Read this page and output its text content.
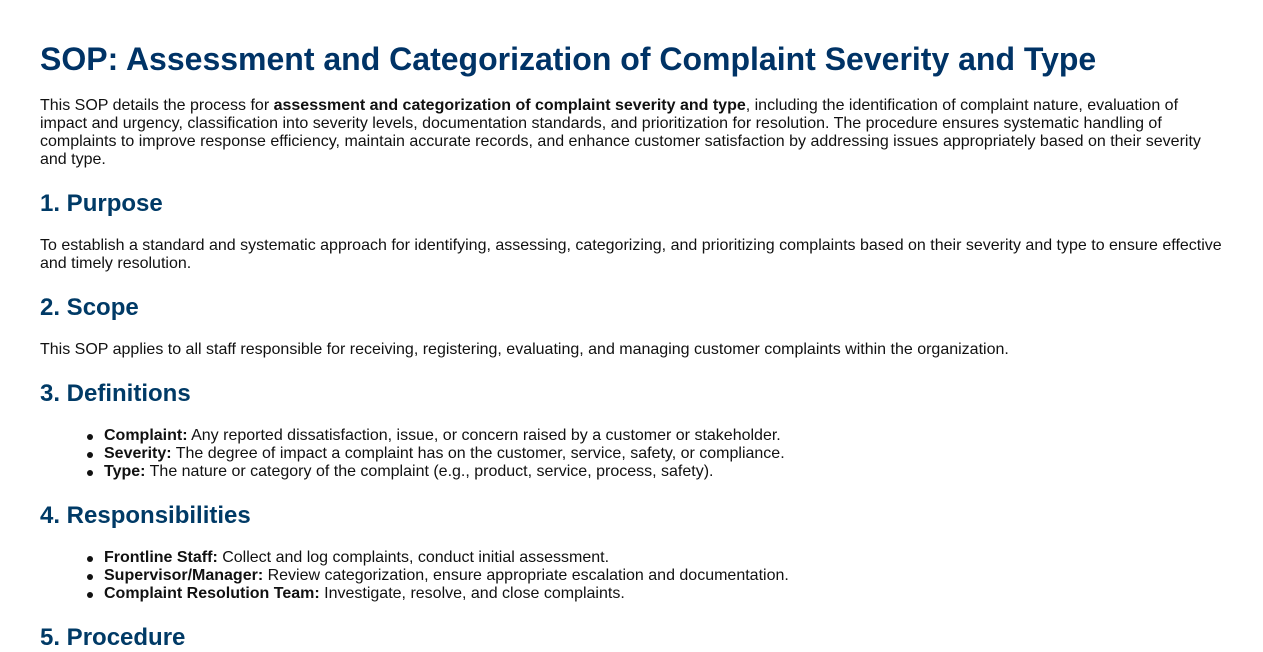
SOP: Assessment and Categorization of Complaint Severity and Type

This SOP details the process for assessment and categorization of complaint severity and type, including the identification of complaint nature, evaluation of impact and urgency, classification into severity levels, documentation standards, and prioritization for resolution. The procedure ensures systematic handling of complaints to improve response efficiency, maintain accurate records, and enhance customer satisfaction by addressing issues appropriately based on their severity and type.

1. Purpose

To establish a standard and systematic approach for identifying, assessing, categorizing, and prioritizing complaints based on their severity and type to ensure effective and timely resolution.

2. Scope

This SOP applies to all staff responsible for receiving, registering, evaluating, and managing customer complaints within the organization.

3. Definitions
Complaint: Any reported dissatisfaction, issue, or concern raised by a customer or stakeholder.
Severity: The degree of impact a complaint has on the customer, service, safety, or compliance.
Type: The nature or category of the complaint (e.g., product, service, process, safety).
4. Responsibilities
Frontline Staff: Collect and log complaints, conduct initial assessment.
Supervisor/Manager: Review categorization, ensure appropriate escalation and documentation.
Complaint Resolution Team: Investigate, resolve, and close complaints.
5. Procedure
